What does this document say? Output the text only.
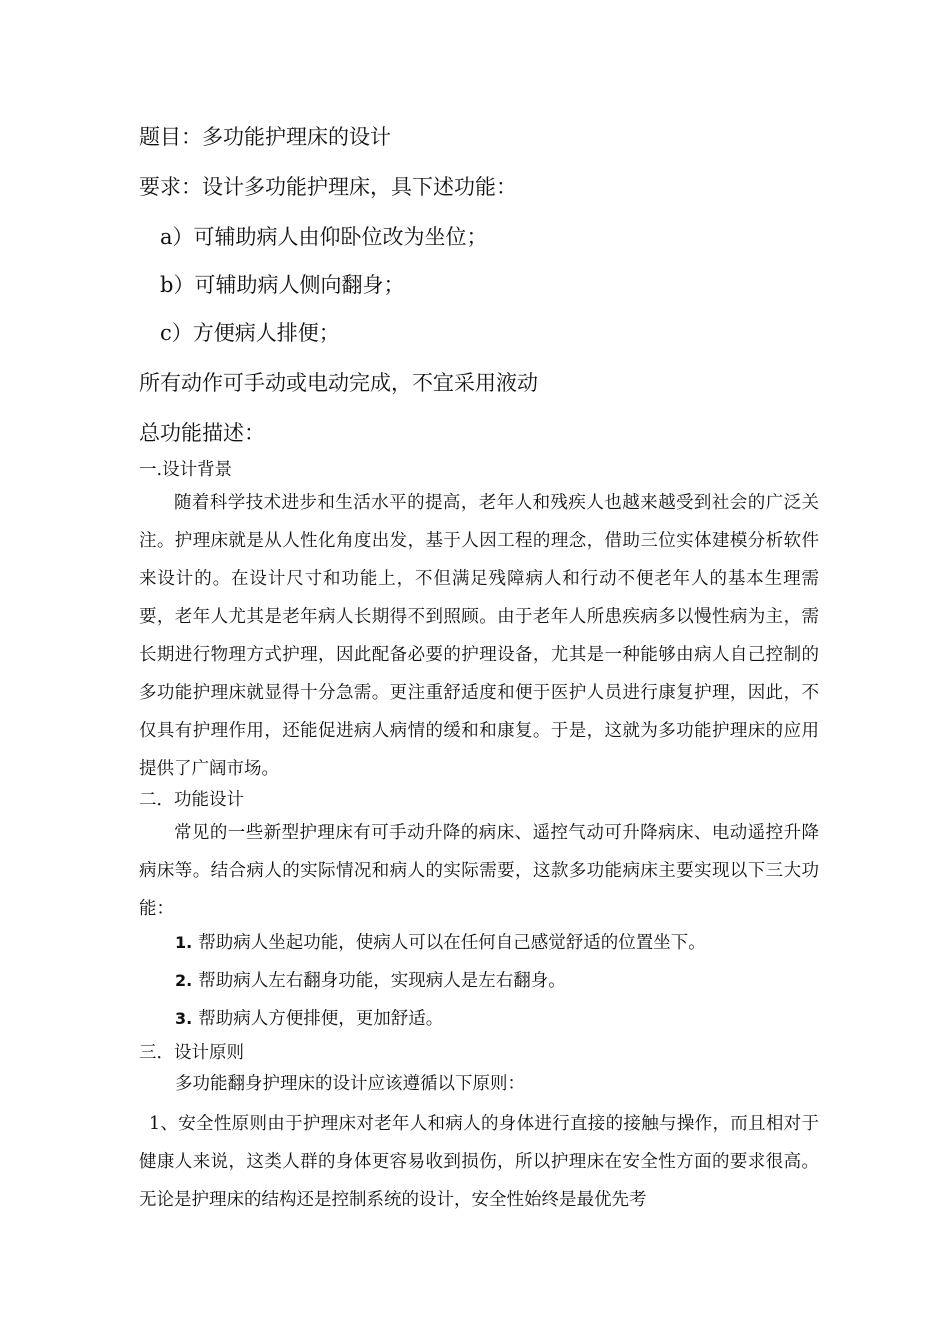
题目：多功能护理床的设计
要求：设计多功能护理床，具下述功能：
a）可辅助病人由仰卧位改为坐位；
b）可辅助病人侧向翻身；
c）方便病人排便；
所有动作可手动或电动完成，不宜采用液动
总功能描述：
一.设计背景
随着科学技术进步和生活水平的提高，老年人和残疾人也越来越受到社会的广泛关注。护理床就是从人性化角度出发，基于人因工程的理念，借助三位实体建模分析软件来设计的。在设计尺寸和功能上，不但满足残障病人和行动不便老年人的基本生理需要，老年人尤其是老年病人长期得不到照顾。由于老年人所患疾病多以慢性病为主，需长期进行物理方式护理，因此配备必要的护理设备，尤其是一种能够由病人自己控制的多功能护理床就显得十分急需。更注重舒适度和便于医护人员进行康复护理，因此，不仅具有护理作用，还能促进病人病情的缓和和康复。于是，这就为多功能护理床的应用提供了广阔市场。
二．功能设计
常见的一些新型护理床有可手动升降的病床、遥控气动可升降病床、电动遥控升降病床等。结合病人的实际情况和病人的实际需要，这款多功能病床主要实现以下三大功能：
1. 帮助病人坐起功能，使病人可以在任何自己感觉舒适的位置坐下。
2. 帮助病人左右翻身功能，实现病人是左右翻身。
3. 帮助病人方便排便，更加舒适。
三．设计原则
多功能翻身护理床的设计应该遵循以下原则：
1、安全性原则由于护理床对老年人和病人的身体进行直接的接触与操作，而且相对于健康人来说，这类人群的身体更容易收到损伤，所以护理床在安全性方面的要求很高。无论是护理床的结构还是控制系统的设计，安全性始终是最优先考
